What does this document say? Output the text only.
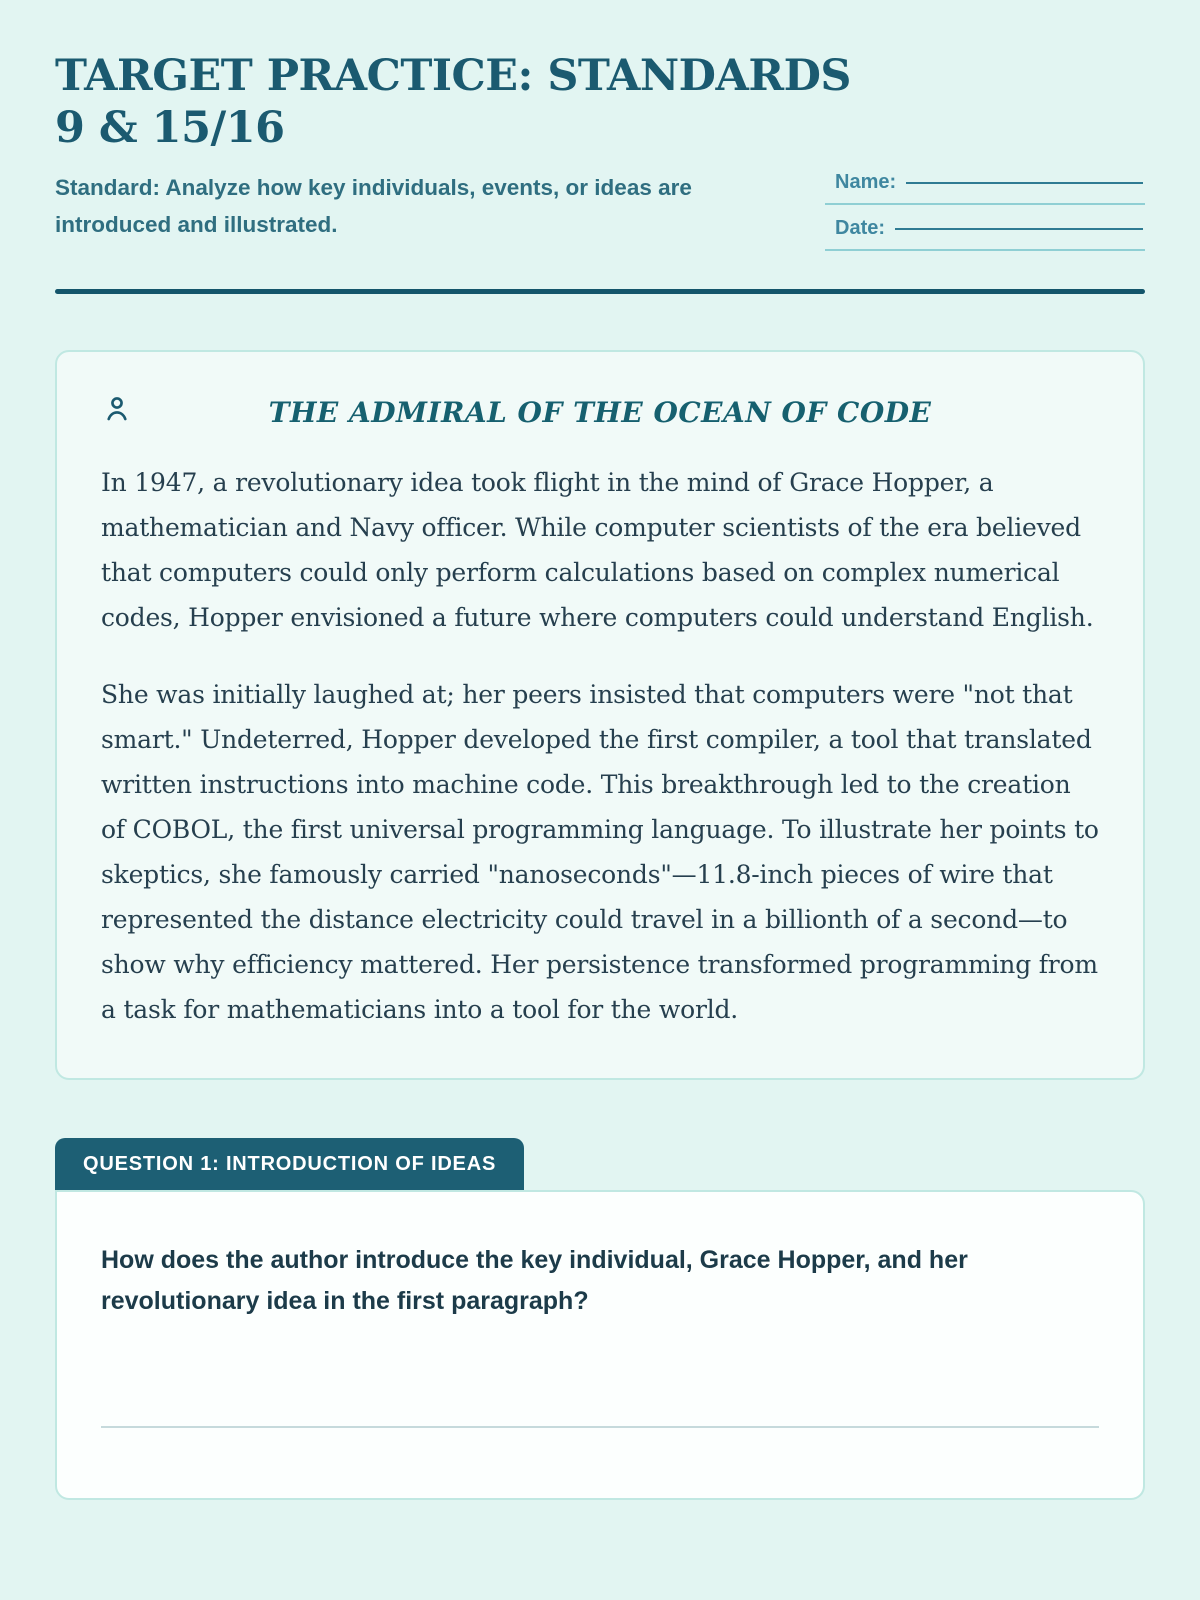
TARGET PRACTICE: STANDARDS
9 & 15/16

Standard: Analyze how key individuals, events, or ideas are introduced and illustrated.

Name:
Date:
THE ADMIRAL OF THE OCEAN OF CODE

In 1947, a revolutionary idea took flight in the mind of Grace Hopper, a mathematician and Navy officer. While computer scientists of the era believed that computers could only perform calculations based on complex numerical codes, Hopper envisioned a future where computers could understand English.

She was initially laughed at; her peers insisted that computers were "not that smart." Undeterred, Hopper developed the first compiler, a tool that translated written instructions into machine code. This breakthrough led to the creation of COBOL, the first universal programming language. To illustrate her points to skeptics, she famously carried "nanoseconds"—11.8-inch pieces of wire that represented the distance electricity could travel in a billionth of a second—to show why efficiency mattered. Her persistence transformed programming from a task for mathematicians into a tool for the world.

QUESTION 1: INTRODUCTION OF IDEAS

How does the author introduce the key individual, Grace Hopper, and her revolutionary idea in the first paragraph?
